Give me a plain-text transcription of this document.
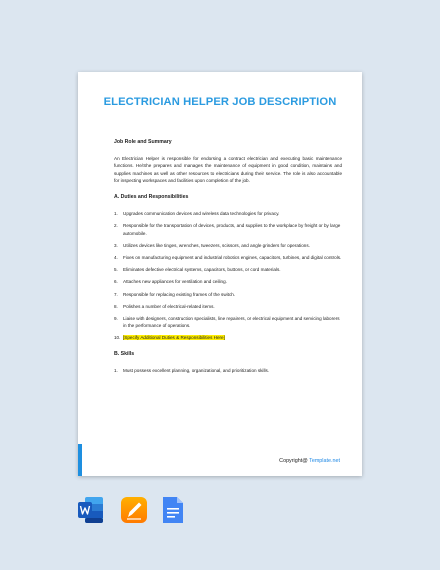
ELECTRICIAN HELPER JOB DESCRIPTION
Job Role and Summary
An Electrician Helper is responsible for endorsing a contract electrician and executing basic maintenance functions. He/She prepares and manages the maintenance of equipment in good condition, maintains and supplies machines as well as other resources to electricians during their service. The role is also accountable for inspecting workspaces and facilities upon completion of the job.
A. Duties and Responsibilities
1.	Upgrades communication devices and wireless data technologies for privacy.
2.	Responsible for the transportation of devices, products, and supplies to the workplace by freight or by large automobile.
3.	Utilizes devices like tinges, wrenches, tweezers, scissors, and angle grinders for operations.
4.	Fixes on manufacturing equipment and industrial robotics engines, capacitors, turbines, and digital controls.
5.	Eliminates defective electrical systems, capacitors, buttons, or cord materials.
6.	Attaches new appliances for ventilation and ceiling.
7.	Responsible for replacing existing frames of the switch.
8.	Polishes a number of electrical-related items.
9.	Liaise with designers, construction specialists, line repairers, or electrical equipment and servicing laborers in the performance of operations.
10. [Specify Additional Duties & Responsibilities Here]
B. Skills
1.	Must possess excellent planning, organizational, and prioritization skills.
Copyright@ Template.net
